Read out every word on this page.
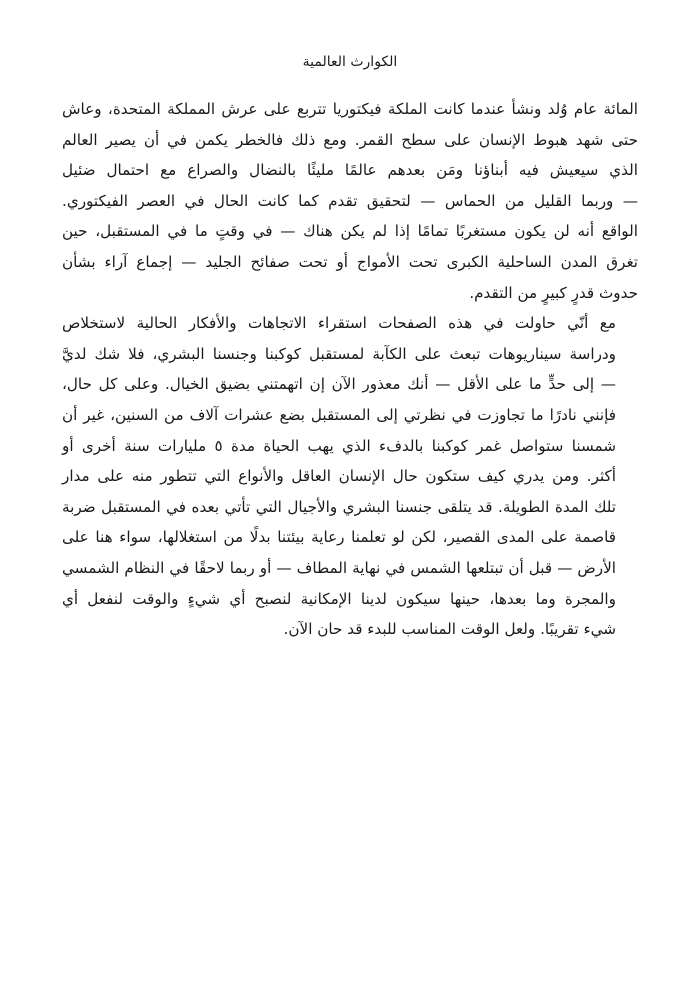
الكوارث العالمية

المائة عام وُلد ونشأ عندما كانت الملكة فيكتوريا تتربع على عرش المملكة المتحدة، وعاش
حتى شهد هبوط الإنسان على سطح القمر. ومع ذلك فالخطر يكمن في أن يصير العالم
الذي سيعيش فيه أبناؤنا ومَن بعدهم عالمًا مليئًا بالنضال والصراع مع احتمال ضئيل
— وربما القليل من الحماس — لتحقيق تقدم كما كانت الحال في العصر الفيكتوري.
الواقع أنه لن يكون مستغربًا تمامًا إذا لم يكن هناك — في وقتٍ ما في المستقبل، حين
تغرق المدن الساحلية الكبرى تحت الأمواج أو تحت صفائح الجليد — إجماع آراء بشأن
حدوث قدرٍ كبيرٍ من التقدم.

مع أنّي حاولت في هذه الصفحات استقراء الاتجاهات والأفكار الحالية لاستخلاص
ودراسة سيناريوهات تبعث على الكآبة لمستقبل كوكبنا وجنسنا البشري، فلا شك لديَّ
— إلى حدٍّ ما على الأقل — أنك معذور الآن إن اتهمتني بضيق الخيال. وعلى كل حال،
فإنني نادرًا ما تجاوزت في نظرتي إلى المستقبل بضع عشرات آلاف من السنين، غير أن
شمسنا ستواصل غمر كوكبنا بالدفء الذي يهب الحياة مدة ٥ مليارات سنة أخرى أو
أكثر. ومن يدري كيف ستكون حال الإنسان العاقل والأنواع التي تتطور منه على مدار
تلك المدة الطويلة. قد يتلقى جنسنا البشري والأجيال التي تأتي بعده في المستقبل ضربة
قاصمة على المدى القصير، لكن لو تعلمنا رعاية بيئتنا بدلًا من استغلالها، سواء هنا على
الأرض — قبل أن تبتلعها الشمس في نهاية المطاف — أو ربما لاحقًا في النظام الشمسي
والمجرة وما بعدها، حينها سيكون لدينا الإمكانية لنصبح أي شيءٍ والوقت لنفعل أي
شيء تقريبًا. ولعل الوقت المناسب للبدء قد حان الآن.
